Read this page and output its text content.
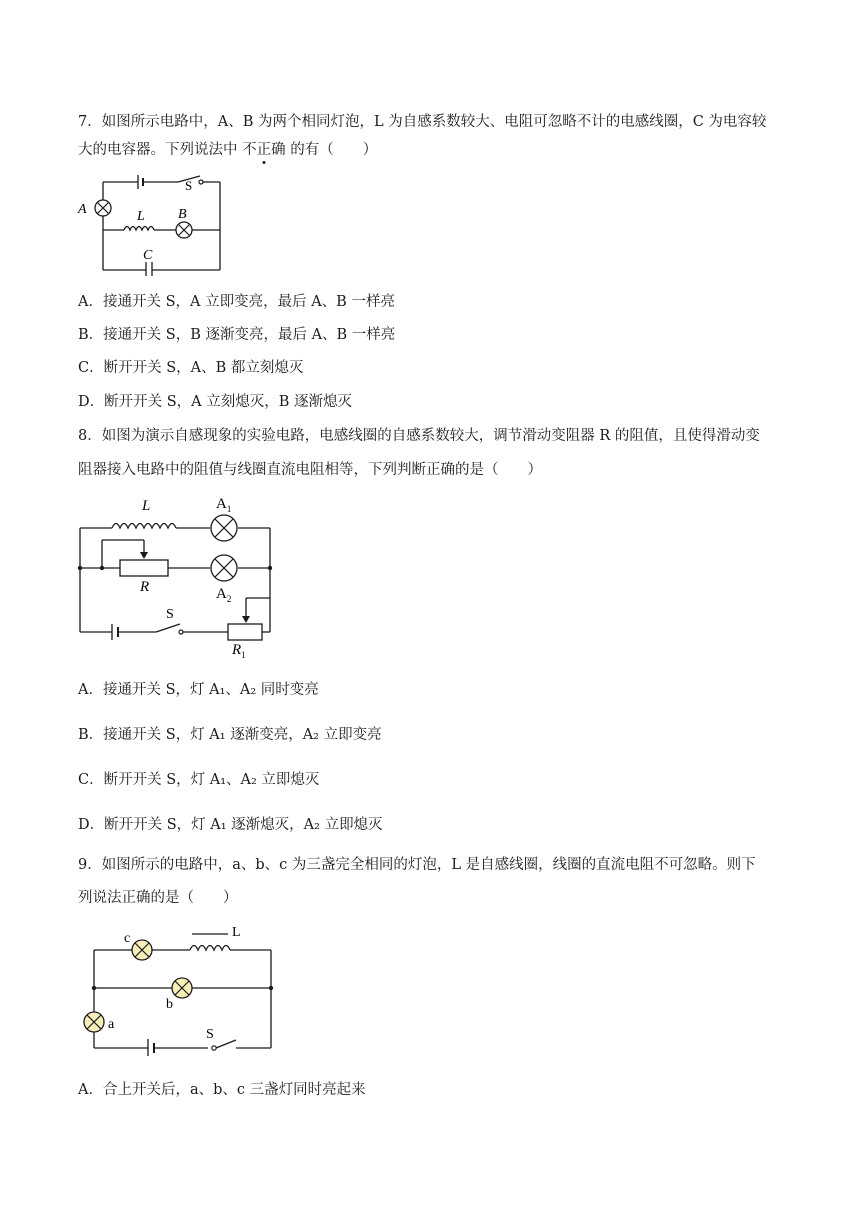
7．如图所示电路中，A、B 为两个相同灯泡，L 为自感系数较大、电阻可忽略不计的电感线圈，C 为电容较
大的电容器。下列说法中 不正确 的有（　　）
A	B
L
C
S
A．接通开关 S，A 立即变亮，最后 A、B 一样亮
B．接通开关 S，B 逐渐变亮，最后 A、B 一样亮
C．断开开关 S，A、B 都立刻熄灭
D．断开开关 S，A 立刻熄灭，B 逐渐熄灭
8．如图为演示自感现象的实验电路，电感线圈的自感系数较大，调节滑动变阻器 R 的阻值，且使得滑动变
阻器接入电路中的阻值与线圈直流电阻相等，下列判断正确的是（　　）
L	$A_1$
$A_2$
R
$R_1$
S
A．接通开关 S，灯 A₁、A₂ 同时变亮
B．接通开关 S，灯 A₁ 逐渐变亮，A₂ 立即变亮
C．断开开关 S，灯 A₁、A₂ 立即熄灭
D．断开开关 S，灯 A₁ 逐渐熄灭，A₂ 立即熄灭
9．如图所示的电路中，a、b、c 为三盏完全相同的灯泡，L 是自感线圈，线圈的直流电阻不可忽略。则下
列说法正确的是（　　）
c
b
a
L
S
A．合上开关后，a、b、c 三盏灯同时亮起来
